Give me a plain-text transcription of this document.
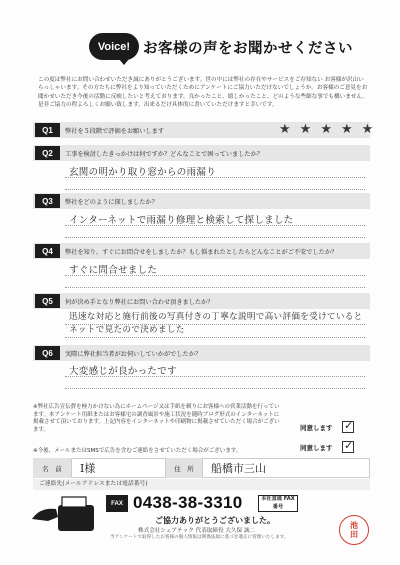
Voice! お客様の声をお聞かせください
この度は弊社にお問い合わせいただき誠にありがとうございます。世の中には弊社の存在やサービスをご存知ない お客様が沢山いらっしゃいます。その方たちに弊社をより知っていただくためにアンケートにご協力いただけないでしょうか。お客様のご意見をお聞かせいただき今後の活動に反映したいと考えております。良かったこと、嬉しかったこと、どのような些細な事でも構いません。是非ご協力の程よろしくお願い致します。出来るだけ具体的に書いていただけますと幸いです。
Q1	弊社を５段階で評価をお願いします	★ ★ ★ ★ ★
Q2	工事を検討したきっかけは何ですか？どんなことで困っていましたか？
玄関の明かり取り窓からの雨漏り
Q3	弊社をどのように探しましたか？
インターネットで雨漏り修理と検索して探しました
Q4	弊社を知り、すぐにお問合せをしましたか？もし悩まれたとしたらどんなことがご不安でしたか？
すぐに問合せました
Q5	何が決め手となり弊社にお問い合わせ頂きましたか？
迅速な対応と施行前後の写真付きの丁寧な説明で高い評価を受けているとネットで見たので決めました
Q6	実際に弊社担当者がお伺いしていかがでしたか？
大変感じが良かったです
※弊社広告宣伝費を極力かけない為にホームページ又は手紙を頼りにお客様への営業活動を行っています。本アンケート用紙またはお客様宅の調査風景や施工状況を随時ブログ形式のインターネットに掲載させて頂いております。上記内容をインターネットや印刷物に掲載させていただく場合がございます。	同意します ✓
※今後、メールまたはSMSで広告を含むご連絡をさせていただく場合がございます。	同意します ✓
名　前	I様	住　所	船橋市三山
ご連絡先(メールアドレスまたは電話番号)
FAX 0438-38-3310	本社直通 FAX番号
ご協力ありがとうございました。
株式会社シェアテック 代表取締役 大久保 誠二
当アンケートで取得したお客様の個人情報は関係法規に基づき適正に管理いたします。
池
田
